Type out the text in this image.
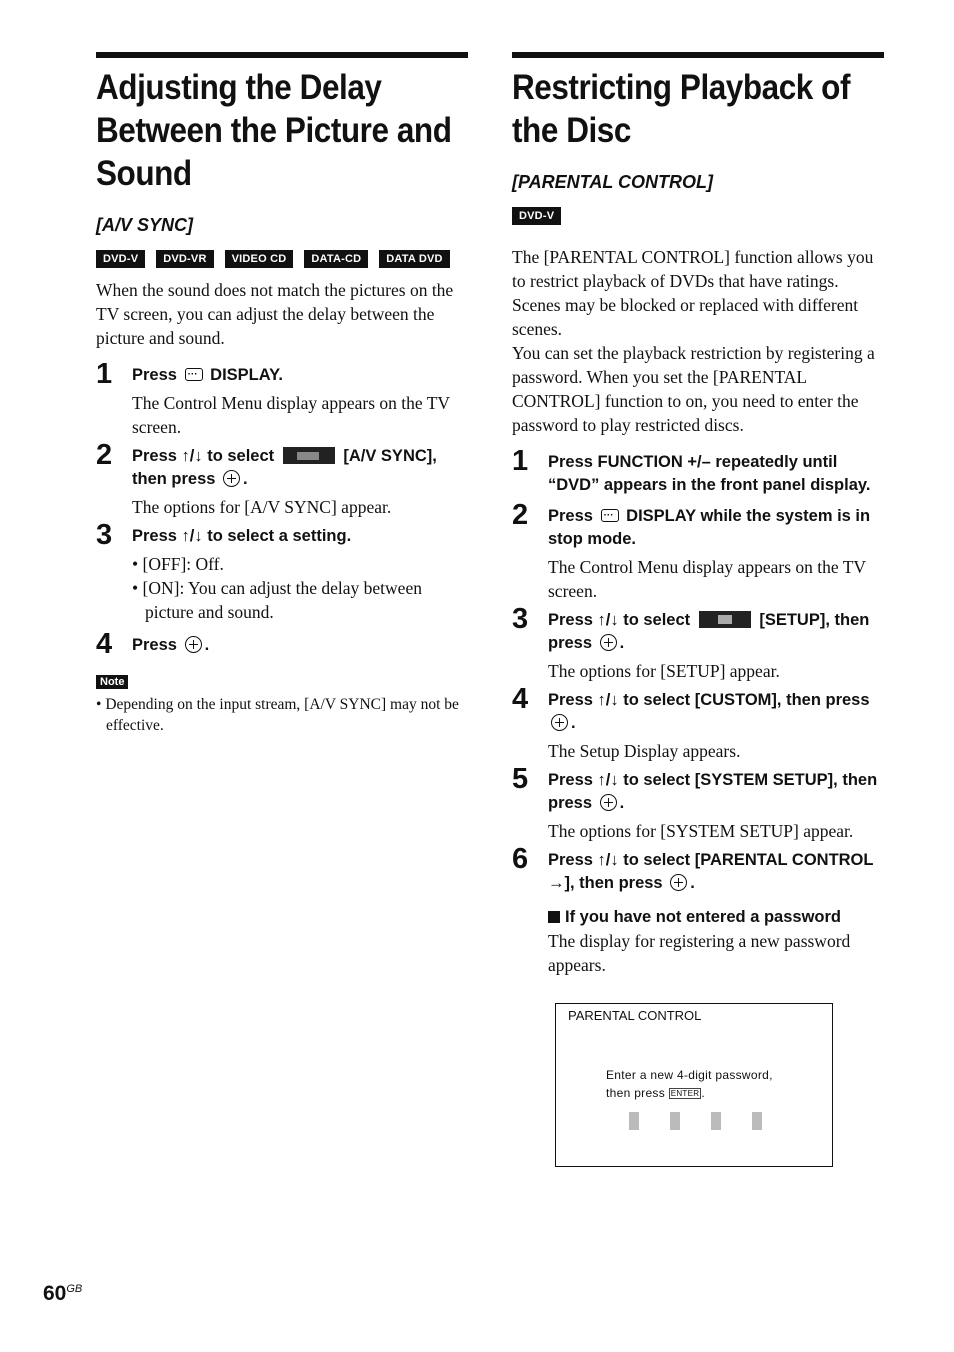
Adjusting the Delay Between the Picture and Sound
[A/V SYNC]
DVD-V	DVD-VR	VIDEO CD	DATA-CD	DATA DVD

When the sound does not match the pictures on the TV screen, you can adjust the delay between the picture and sound.

1 Press ··· DISPLAY.
The Control Menu display appears on the TV screen.
2 Press ↑/↓ to select	[A/V SYNC], then press .
The options for [A/V SYNC] appear.
3 Press ↑/↓ to select a setting.
• [OFF]: Off.
• [ON]: You can adjust the delay between picture and sound.
4 Press .
Note
• Depending on the input stream, [A/V SYNC] may not be effective.
Restricting Playback of the Disc
[PARENTAL CONTROL]
DVD-V

The [PARENTAL CONTROL] function allows you to restrict playback of DVDs that have ratings. Scenes may be blocked or replaced with different scenes.

You can set the playback restriction by registering a password. When you set the [PARENTAL CONTROL] function to on, you need to enter the password to play restricted discs.

1 Press FUNCTION +/– repeatedly until “DVD” appears in the front panel display.
2 Press ··· DISPLAY while the system is in stop mode.
The Control Menu display appears on the TV screen.
3 Press ↑/↓ to select	[SETUP], then press .
The options for [SETUP] appear.
4 Press ↑/↓ to select [CUSTOM], then press .
The Setup Display appears.
5 Press ↑/↓ to select [SYSTEM SETUP], then press .
The options for [SYSTEM SETUP] appear.
6 Press ↑/↓ to select [PARENTAL CONTROL →], then press .
If you have not entered a password
The display for registering a new password appears.
PARENTAL CONTROL
Enter a new 4-digit password,
then press ENTER .
$60^{GB}$
